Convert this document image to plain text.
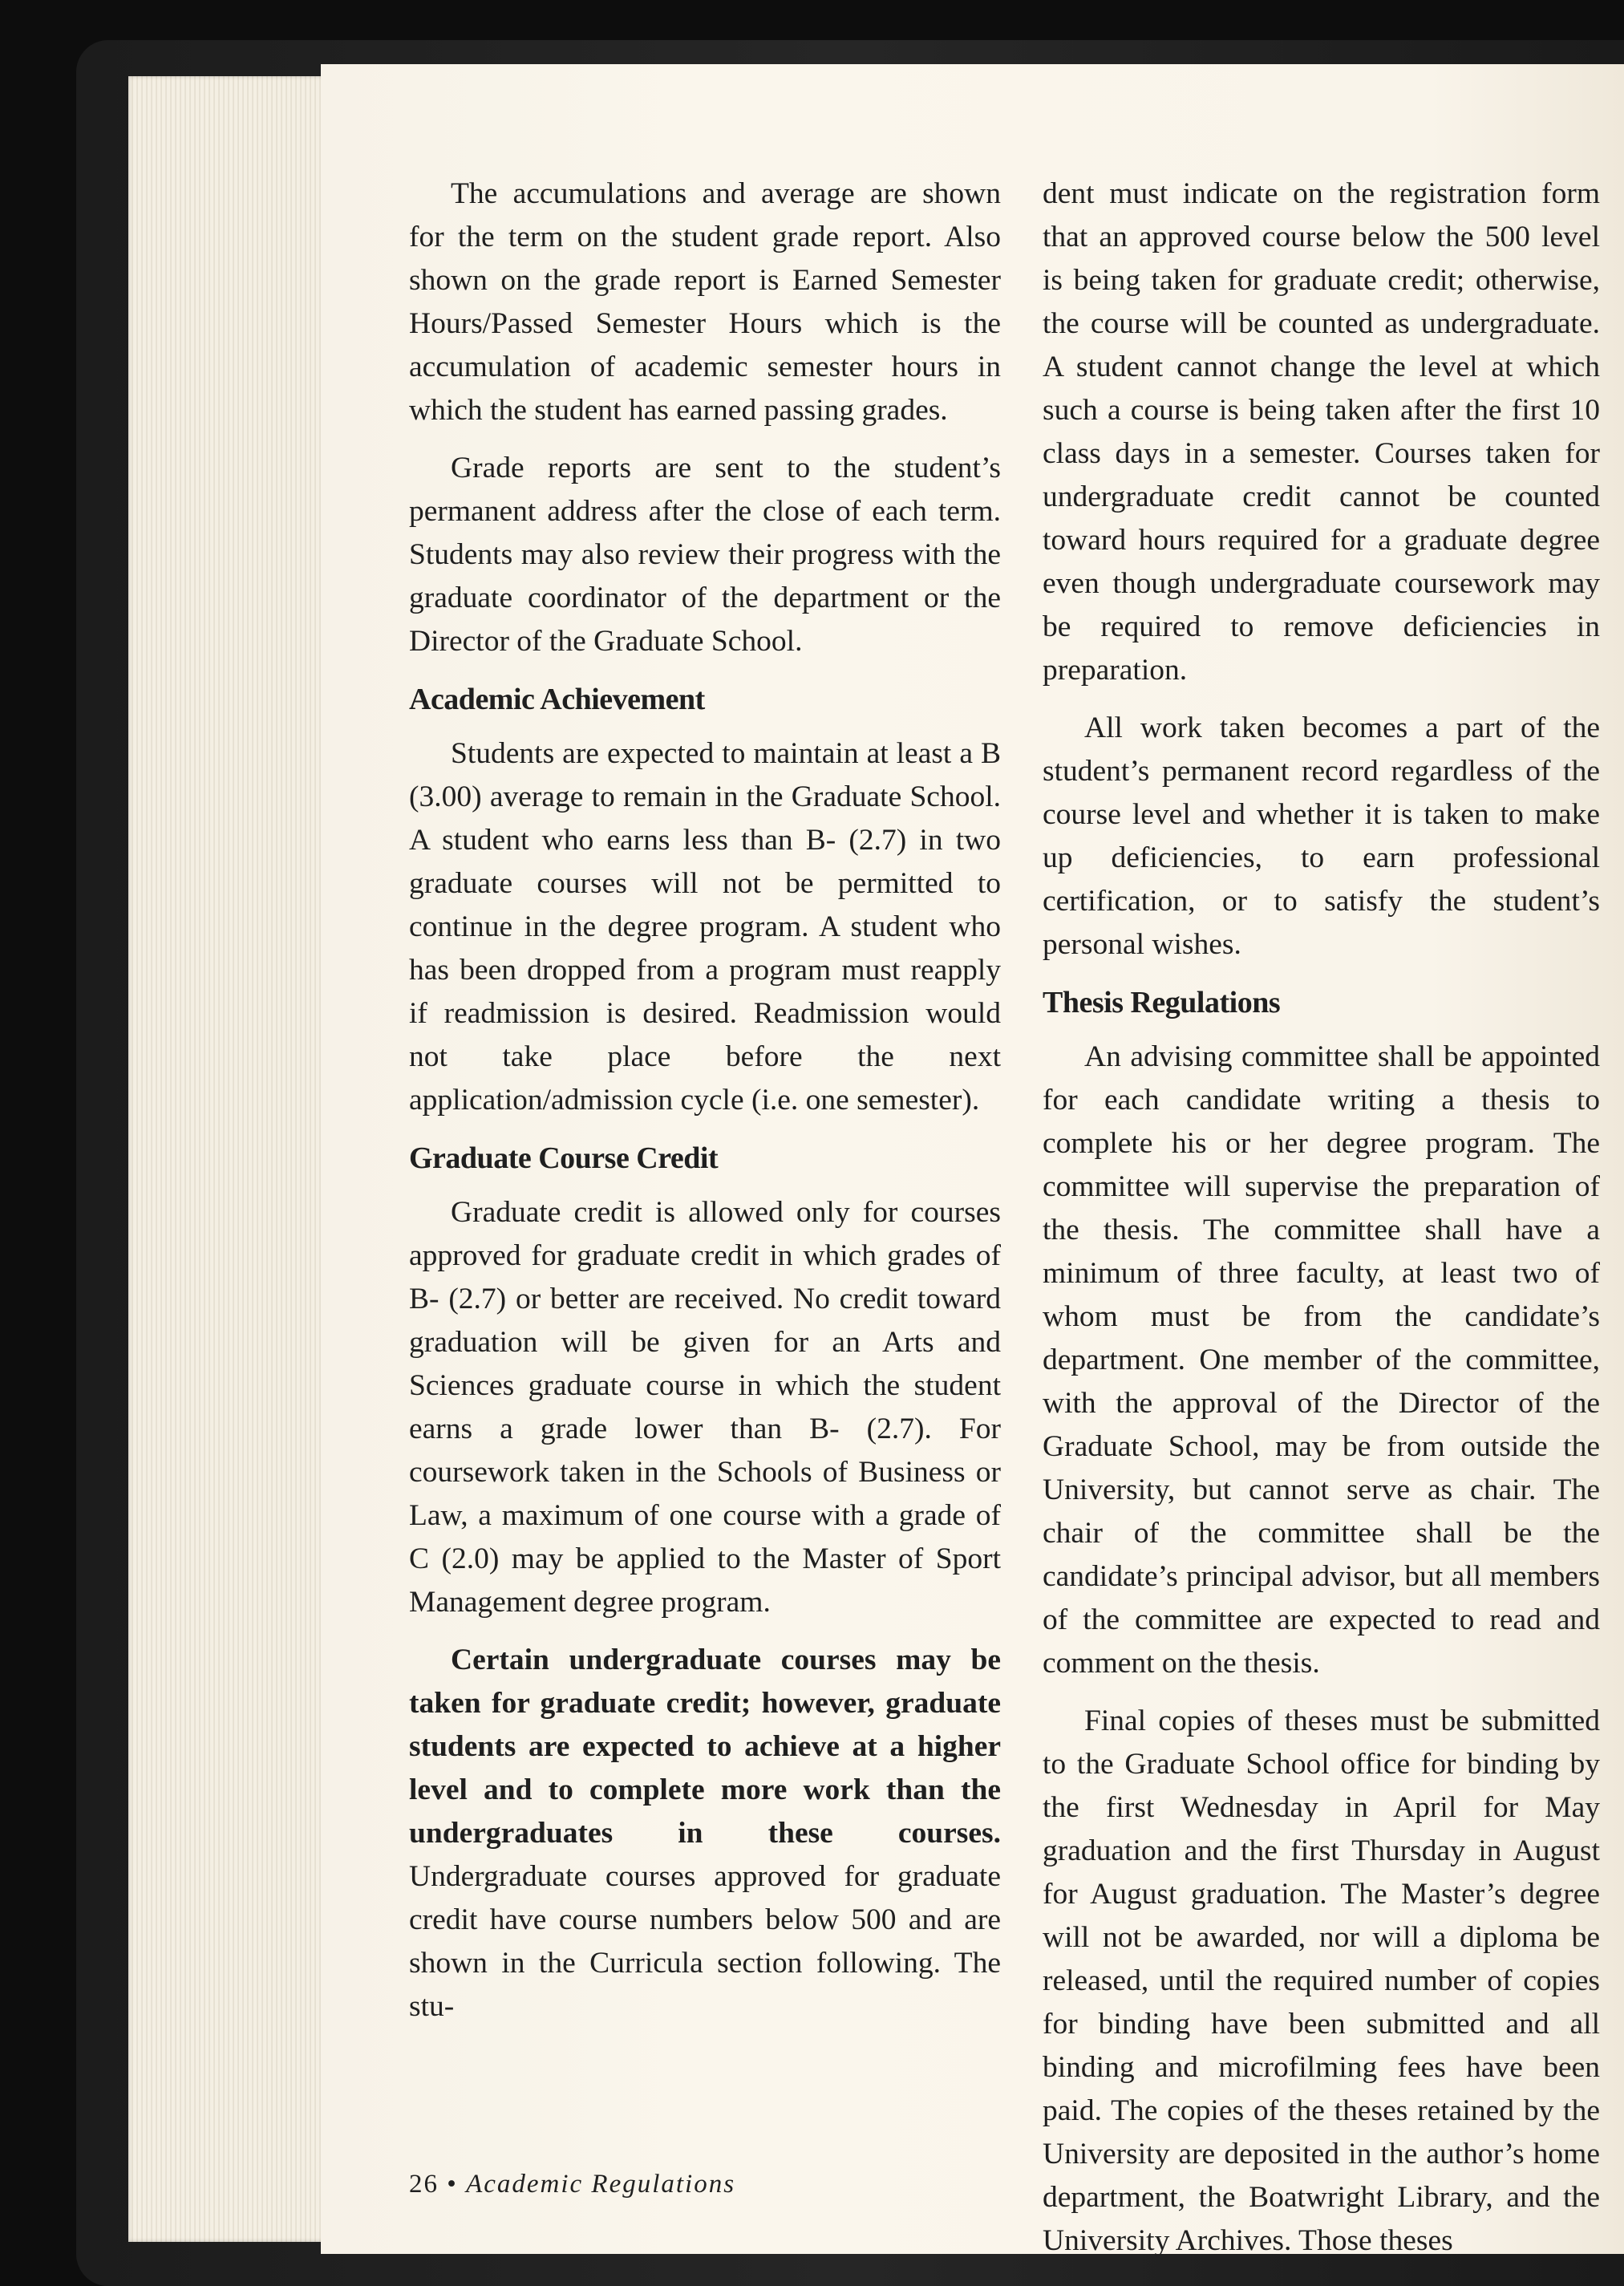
The accumulations and average are shown for the term on the student grade report. Also shown on the grade report is Earned Semester Hours/Passed Semester Hours which is the accumulation of academic semester hours in which the student has earned passing grades.

Grade reports are sent to the student’s permanent address after the close of each term. Students may also review their progress with the graduate coordinator of the department or the Director of the Graduate School.

Academic Achievement

Students are expected to maintain at least a B (3.00) average to remain in the Graduate School. A student who earns less than B- (2.7) in two graduate courses will not be permitted to continue in the degree program. A student who has been dropped from a program must reapply if readmission is desired. Readmission would not take place before the next application/admission cycle (i.e. one semester).

Graduate Course Credit

Graduate credit is allowed only for courses approved for graduate credit in which grades of B- (2.7) or better are received. No credit toward graduation will be given for an Arts and Sciences graduate course in which the student earns a grade lower than B- (2.7). For coursework taken in the Schools of Business or Law, a maximum of one course with a grade of C (2.0) may be applied to the Master of Sport Management degree program.

Certain undergraduate courses may be taken for graduate credit; however, graduate students are expected to achieve at a higher level and to complete more work than the undergraduates in these courses. Undergraduate courses approved for graduate credit have course numbers below 500 and are shown in the Curricula section following. The stu-

dent must indicate on the registration form that an approved course below the 500 level is being taken for graduate credit; otherwise, the course will be counted as undergraduate. A student cannot change the level at which such a course is being taken after the first 10 class days in a semester. Courses taken for undergraduate credit cannot be counted toward hours required for a graduate degree even though undergraduate coursework may be required to remove deficiencies in preparation.

All work taken becomes a part of the student’s permanent record regardless of the course level and whether it is taken to make up deficiencies, to earn professional certification, or to satisfy the student’s personal wishes.

Thesis Regulations

An advising committee shall be appointed for each candidate writing a thesis to complete his or her degree program. The committee will supervise the preparation of the thesis. The committee shall have a minimum of three faculty, at least two of whom must be from the candidate’s department. One member of the committee, with the approval of the Director of the Graduate School, may be from outside the University, but cannot serve as chair. The chair of the committee shall be the candidate’s principal advisor, but all members of the committee are expected to read and comment on the thesis.

Final copies of theses must be submitted to the Graduate School office for binding by the first Wednesday in April for May graduation and the first Thursday in August for August graduation. The Master’s degree will not be awarded, nor will a diploma be released, until the required number of copies for binding have been submitted and all binding and microfilming fees have been paid. The copies of the theses retained by the University are deposited in the author’s home department, the Boatwright Library, and the University Archives. Those theses

26 • Academic Regulations
